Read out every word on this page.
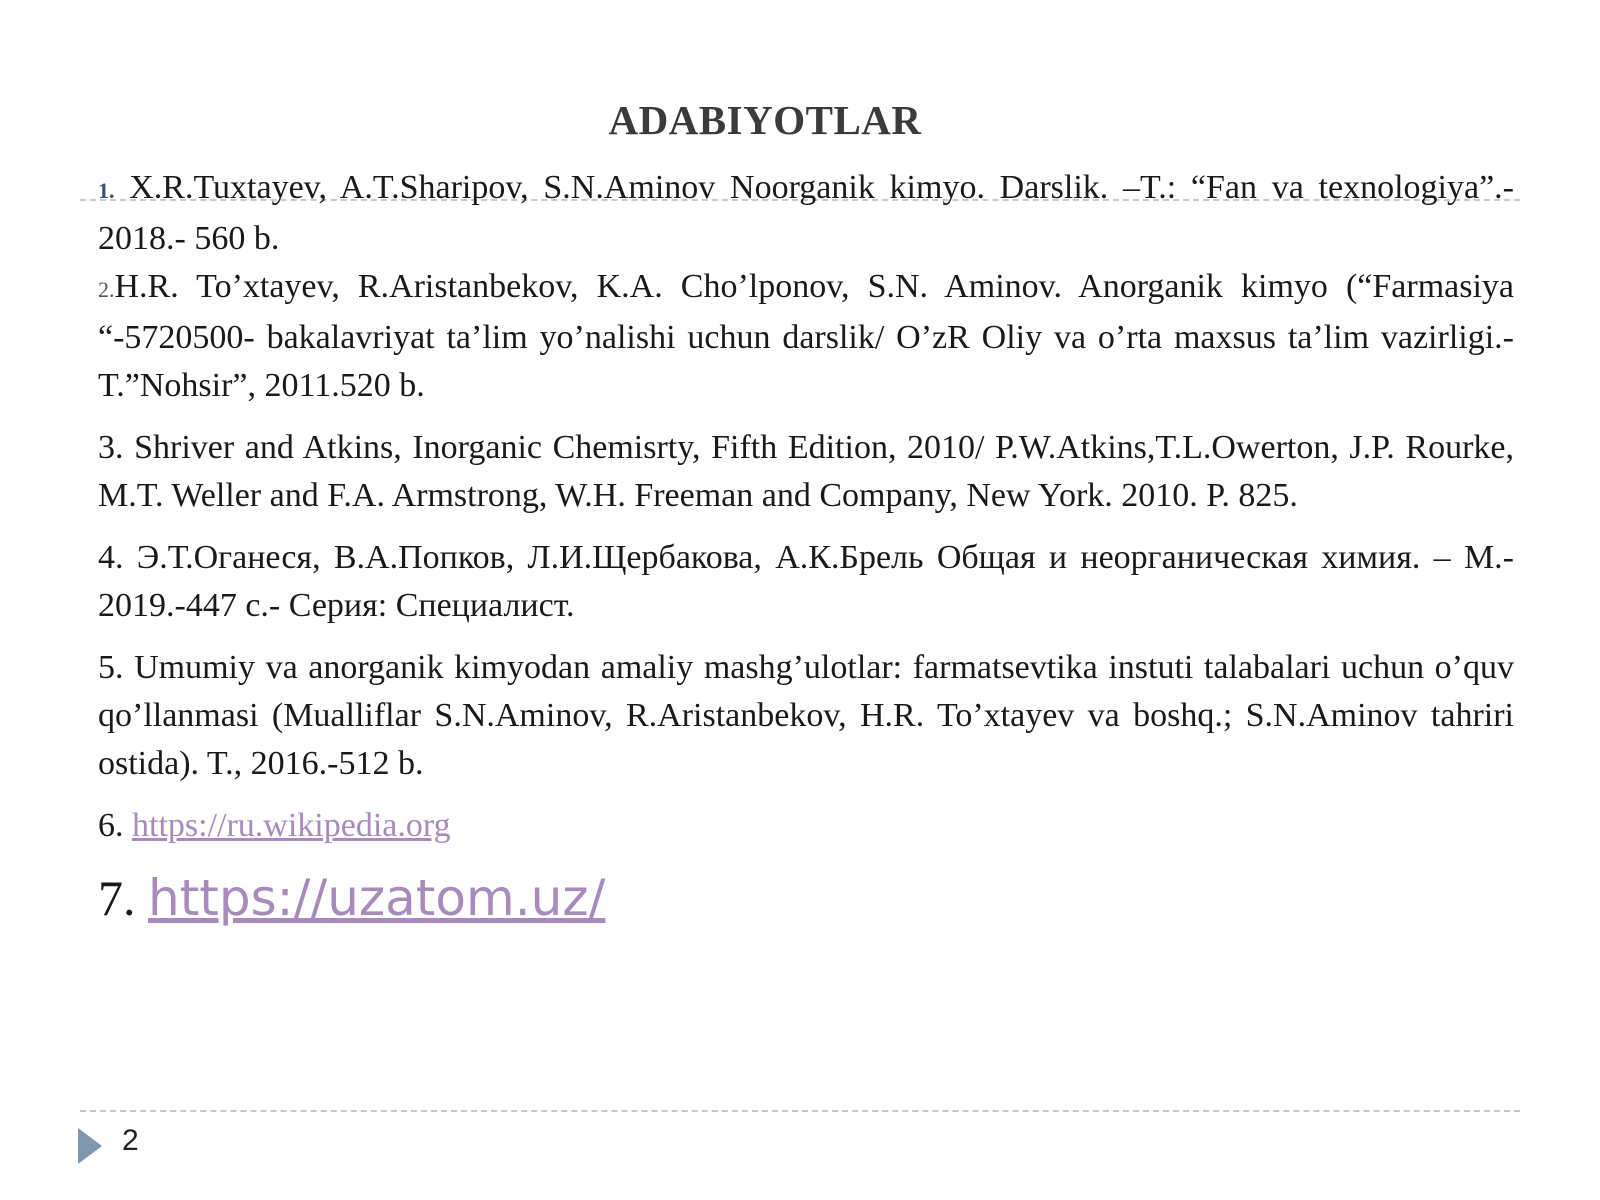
ADABIYOTLAR

1. X.R.Tuxtayev, A.T.Sharipov, S.N.Aminov Noorganik kimyo. Darslik. –T.: “Fan va texnologiya”.- 2018.- 560 b.

2.H.R. To’xtayev, R.Aristanbekov, K.A. Cho’lponov, S.N. Aminov. Anorganik kimyo (“Farmasiya “-5720500- bakalavriyat ta’lim yo’nalishi uchun darslik/ O’zR Oliy va o’rta maxsus ta’lim vazirligi.-T.”Nohsir”, 2011.520 b.

3. Shriver and Atkins, Inorganic Chemisrty, Fifth Edition, 2010/ P.W.Atkins,T.L.Owerton, J.P. Rourke, M.T. Weller and F.A. Armstrong, W.H. Freeman and Company, New York. 2010. P. 825.

4. Э.Т.Оганеся, В.А.Попков, Л.И.Щербакова, А.К.Брель Общая и неорганическая химия. – М.- 2019.-447 с.- Серия: Специалист.

5. Umumiy va anorganik kimyodan amaliy mashg’ulotlar: farmatsevtika instuti talabalari uchun o’quv qo’llanmasi (Mualliflar S.N.Aminov, R.Aristanbekov, H.R. To’xtayev va boshq.; S.N.Aminov tahriri ostida). T., 2016.-512 b.

6. https://ru.wikipedia.org

7. https://uzatom.uz/

2
